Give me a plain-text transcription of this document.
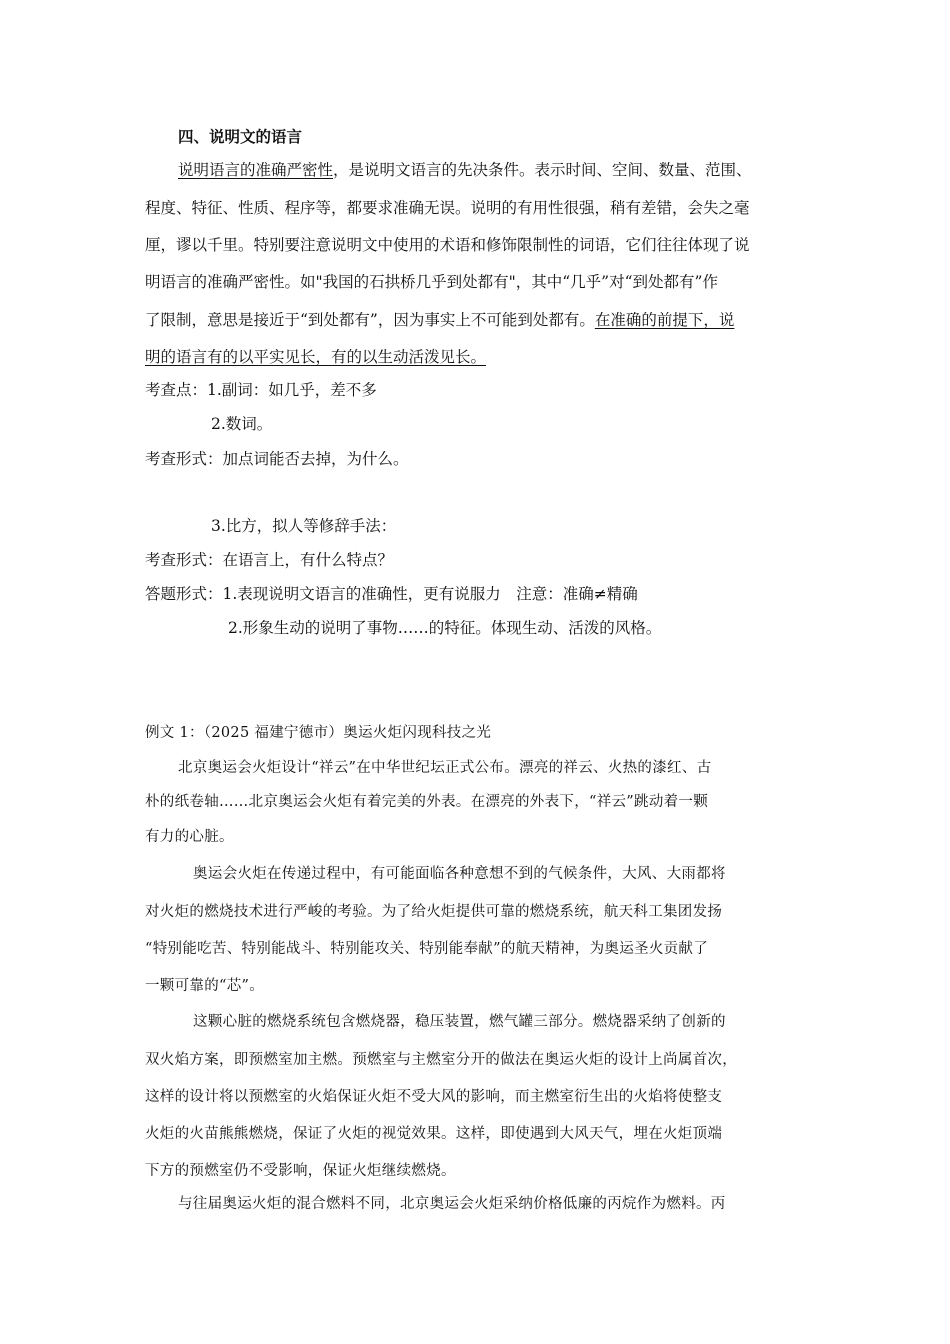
四、说明文的语言
说明语言的准确严密性，是说明文语言的先决条件。表示时间、空间、数量、范围、
程度、特征、性质、程序等，都要求准确无误。说明的有用性很强，稍有差错，会失之毫
厘，谬以千里。特别要注意说明文中使用的术语和修饰限制性的词语，它们往往体现了说
明语言的准确严密性。如"我国的石拱桥几乎到处都有"，其中“几乎”对“到处都有”作
了限制，意思是接近于“到处都有”，因为事实上不可能到处都有。在准确的前提下，说
明的语言有的以平实见长，有的以生动活泼见长。
考查点：1.副词：如几乎，差不多
2.数词。
考查形式：加点词能否去掉，为什么。
3.比方，拟人等修辞手法：
考查形式：在语言上，有什么特点？
答题形式：1.表现说明文语言的准确性，更有说服力　注意：准确≠精确
2.形象生动的说明了事物……的特征。体现生动、活泼的风格。
例文 1：（2025 福建宁德市）奥运火炬闪现科技之光
北京奥运会火炬设计“祥云”在中华世纪坛正式公布。漂亮的祥云、火热的漆红、古
朴的纸卷轴……北京奥运会火炬有着完美的外表。在漂亮的外表下，“祥云”跳动着一颗
有力的心脏。
奥运会火炬在传递过程中，有可能面临各种意想不到的气候条件，大风、大雨都将
对火炬的燃烧技术进行严峻的考验。为了给火炬提供可靠的燃烧系统，航天科工集团发扬
“特别能吃苦、特别能战斗、特别能攻关、特别能奉献”的航天精神，为奥运圣火贡献了
一颗可靠的“芯”。
这颗心脏的燃烧系统包含燃烧器，稳压装置，燃气罐三部分。燃烧器采纳了创新的
双火焰方案，即预燃室加主燃。预燃室与主燃室分开的做法在奥运火炬的设计上尚属首次，
这样的设计将以预燃室的火焰保证火炬不受大风的影响，而主燃室衍生出的火焰将使整支
火炬的火苗熊熊燃烧，保证了火炬的视觉效果。这样，即使遇到大风天气，埋在火炬顶端
下方的预燃室仍不受影响，保证火炬继续燃烧。
与往届奥运火炬的混合燃料不同，北京奥运会火炬采纳价格低廉的丙烷作为燃料。丙
